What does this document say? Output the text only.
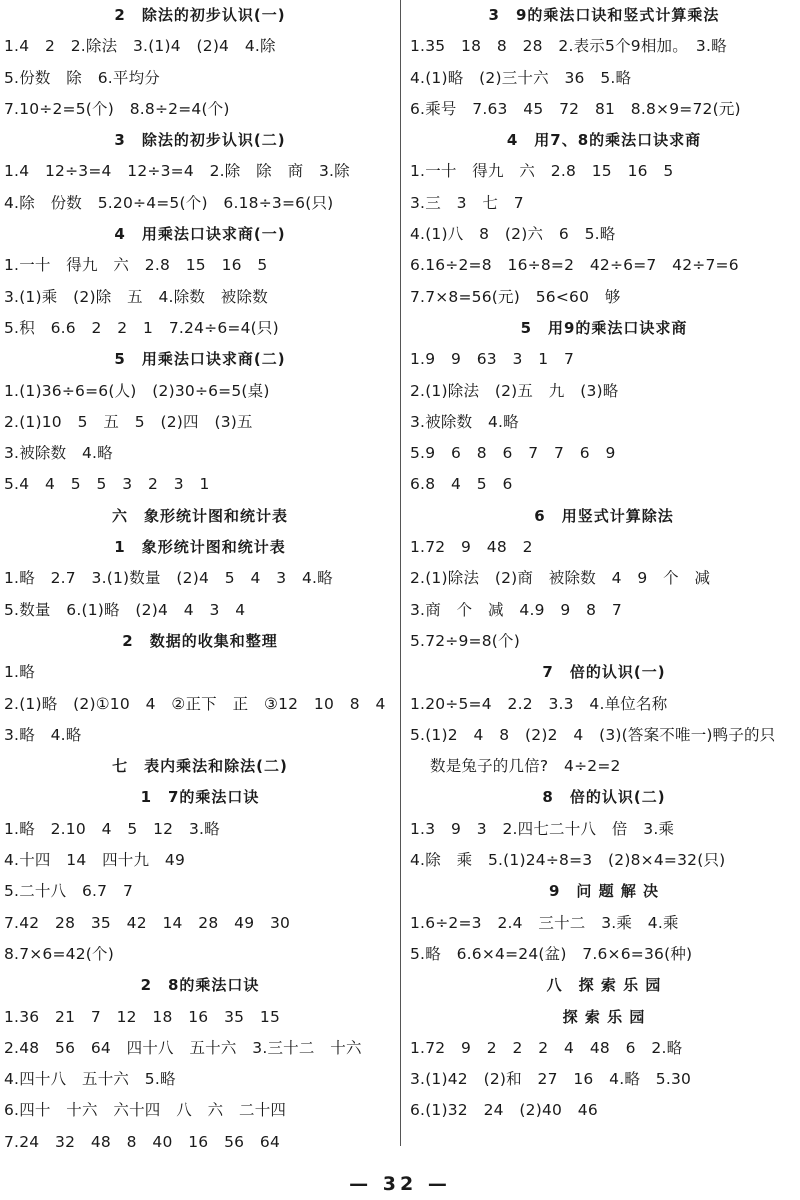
2　除法的初步认识(一)
1.4　2　2.除法　3.(1)4　(2)4　4.除
5.份数　除　6.平均分
7.10÷2=5(个)　8.8÷2=4(个)
3　除法的初步认识(二)
1.4　12÷3=4　12÷3=4　2.除　除　商　3.除
4.除　份数　5.20÷4=5(个)　6.18÷3=6(只)
4　用乘法口诀求商(一)
1.一十　得九　六　2.8　15　16　5
3.(1)乘　(2)除　五　4.除数　被除数
5.积　6.6　2　2　1　7.24÷6=4(只)
5　用乘法口诀求商(二)
1.(1)36÷6=6(人)　(2)30÷6=5(桌)
2.(1)10　5　五　5　(2)四　(3)五
3.被除数　4.略
5.4　4　5　5　3　2　3　1
六　象形统计图和统计表
1　象形统计图和统计表
1.略　2.7　3.(1)数量　(2)4　5　4　3　4.略
5.数量　6.(1)略　(2)4　4　3　4
2　数据的收集和整理
1.略
2.(1)略　(2)①10　4　②正下　正　③12　10　8　4
3.略　4.略
七　表内乘法和除法(二)
1　7的乘法口诀
1.略　2.10　4　5　12　3.略
4.十四　14　四十九　49
5.二十八　6.7　7
7.42　28　35　42　14　28　49　30
8.7×6=42(个)
2　8的乘法口诀
1.36　21　7　12　18　16　35　15
2.48　56　64　四十八　五十六　3.三十二　十六
4.四十八　五十六　5.略
6.四十　十六　六十四　八　六　二十四
7.24　32　48　8　40　16　56　64
3　9的乘法口诀和竖式计算乘法
1.35　18　8　28　2.表示5个9相加。　3.略
4.(1)略　(2)三十六　36　5.略
6.乘号　7.63　45　72　81　8.8×9=72(元)
4　用7、8的乘法口诀求商
1.一十　得九　六　2.8　15　16　5
3.三　3　七　7
4.(1)八　8　(2)六　6　5.略
6.16÷2=8　16÷8=2　42÷6=7　42÷7=6
7.7×8=56(元)　56<60　够
5　用9的乘法口诀求商
1.9　9　63　3　1　7
2.(1)除法　(2)五　九　(3)略
3.被除数　4.略
5.9　6　8　6　7　7　6　9
6.8　4　5　6
6　用竖式计算除法
1.72　9　48　2
2.(1)除法　(2)商　被除数　4　9　个　减
3.商　个　减　4.9　9　8　7
5.72÷9=8(个)
7　倍的认识(一)
1.20÷5=4　2.2　3.3　4.单位名称
5.(1)2　4　8　(2)2　4　(3)(答案不唯一)鸭子的只
数是兔子的几倍?　4÷2=2
8　倍的认识(二)
1.3　9　3　2.四七二十八　倍　3.乘
4.除　乘　5.(1)24÷8=3　(2)8×4=32(只)
9　问 题 解 决
1.6÷2=3　2.4　三十二　3.乘　4.乘
5.略　6.6×4=24(盆)　7.6×6=36(种)
八　探 索 乐 园
探 索 乐 园
1.72　9　2　2　2　4　48　6　2.略
3.(1)42　(2)和　27　16　4.略　5.30
6.(1)32　24　(2)40　46
— 32 —
